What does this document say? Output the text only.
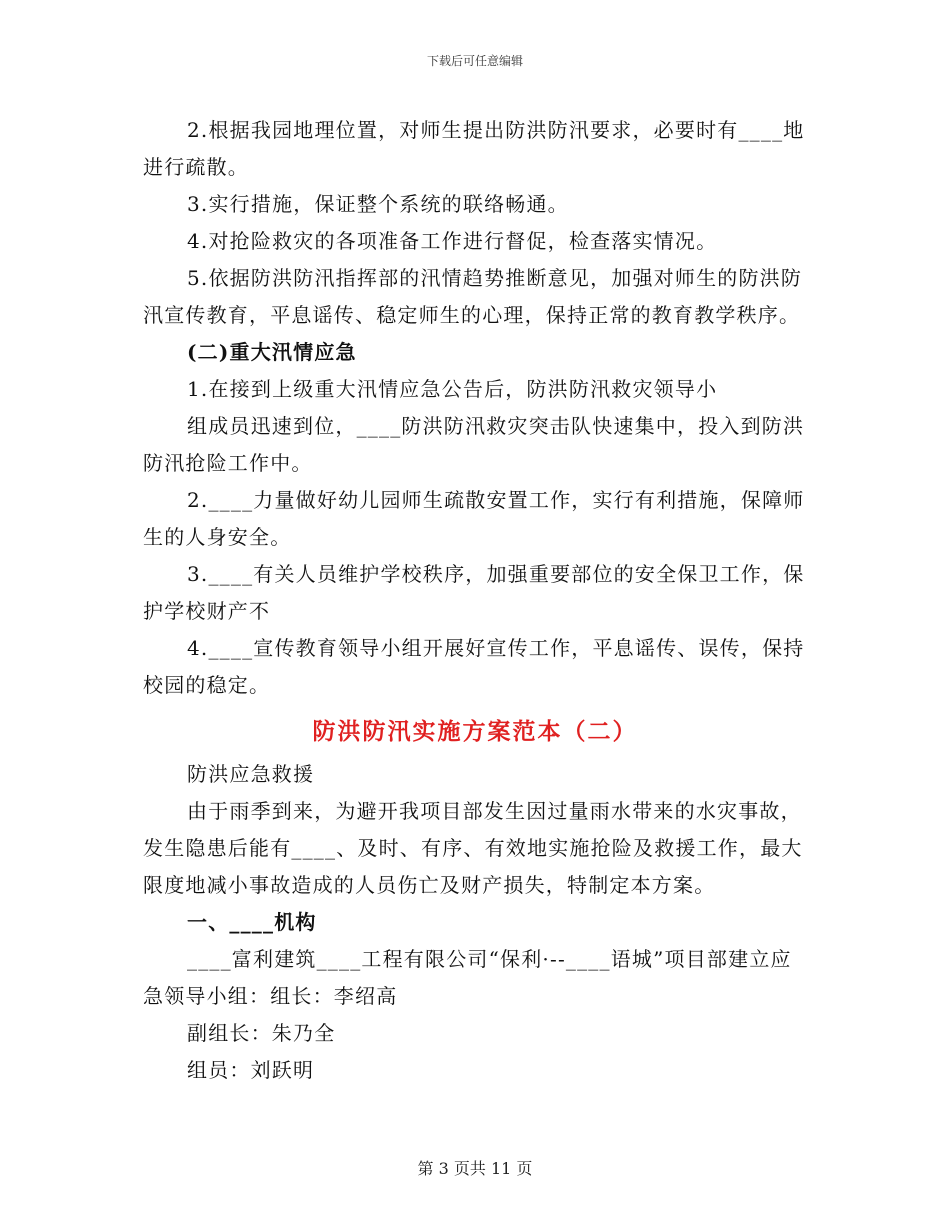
下载后可任意编辑

2.根据我园地理位置，对师生提出防洪防汛要求，必要时有____地进行疏散。

3.实行措施，保证整个系统的联络畅通。

4.对抢险救灾的各项准备工作进行督促，检查落实情况。

5.依据防洪防汛指挥部的汛情趋势推断意见，加强对师生的防洪防汛宣传教育，平息谣传、稳定师生的心理，保持正常的教育教学秩序。

(二)重大汛情应急

1.在接到上级重大汛情应急公告后，防洪防汛救灾领导小

组成员迅速到位，____防洪防汛救灾突击队快速集中，投入到防洪防汛抢险工作中。

2.____力量做好幼儿园师生疏散安置工作，实行有利措施，保障师生的人身安全。

3.____有关人员维护学校秩序，加强重要部位的安全保卫工作，保护学校财产不

4.____宣传教育领导小组开展好宣传工作，平息谣传、误传，保持校园的稳定。

防洪防汛实施方案范本（二）

防洪应急救援

由于雨季到来，为避开我项目部发生因过量雨水带来的水灾事故，发生隐患后能有____、及时、有序、有效地实施抢险及救援工作，最大限度地减小事故造成的人员伤亡及财产损失，特制定本方案。

一、____机构

____富利建筑____工程有限公司“保利·--____语城”项目部建立应急领导小组：组长：李绍高

副组长：朱乃全

组员：刘跃明

第 3 页共 11 页
